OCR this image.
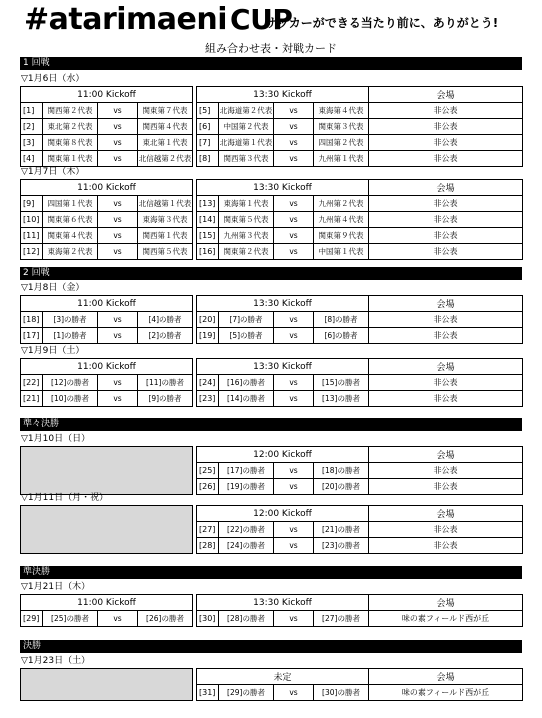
#atarimaeni CUP
サッカーができる当たり前に、ありがとう!
組み合わせ表・対戦カード
1 回戦
▽1月6日（水）
11:00 Kickoff					13:30 Kickoff				会場
[1]	関西第２代表	vs	関東第７代表		[5]	北海道第２代表	vs	東海第４代表	非公表
[2]	東北第２代表	vs	関西第４代表		[6]	中国第２代表	vs	関東第３代表	非公表
[3]	関東第８代表	vs	東北第１代表		[7]	北海道第１代表	vs	四国第２代表	非公表
[4]	関東第１代表	vs	北信越第２代表		[8]	関西第３代表	vs	九州第１代表	非公表
▽1月7日（木）
11:00 Kickoff					13:30 Kickoff				会場
[9]	四国第１代表	vs	北信越第１代表		[13]	東海第１代表	vs	九州第２代表	非公表
[10]	関東第６代表	vs	東海第３代表		[14]	関東第５代表	vs	九州第４代表	非公表
[11]	関東第４代表	vs	関西第１代表		[15]	九州第３代表	vs	関東第９代表	非公表
[12]	東海第２代表	vs	関西第５代表		[16]	関東第２代表	vs	中国第１代表	非公表
2 回戦
▽1月8日（金）
11:00 Kickoff					13:30 Kickoff				会場
[18]	[3]の勝者	vs	[4]の勝者		[20]	[7]の勝者	vs	[8]の勝者	非公表
[17]	[1]の勝者	vs	[2]の勝者		[19]	[5]の勝者	vs	[6]の勝者	非公表
▽1月9日（土）
11:00 Kickoff					13:30 Kickoff				会場
[22]	[12]の勝者	vs	[11]の勝者		[24]	[16]の勝者	vs	[15]の勝者	非公表
[21]	[10]の勝者	vs	[9]の勝者		[23]	[14]の勝者	vs	[13]の勝者	非公表
準々決勝
▽1月10日（日）
		12:00 Kickoff				会場
		[25]	[17]の勝者	vs	[18]の勝者	非公表
		[26]	[19]の勝者	vs	[20]の勝者	非公表
▽1月11日（月・祝）
		12:00 Kickoff				会場
		[27]	[22]の勝者	vs	[21]の勝者	非公表
		[28]	[24]の勝者	vs	[23]の勝者	非公表
準決勝
▽1月21日（木）
11:00 Kickoff					13:30 Kickoff				会場
[29]	[25]の勝者	vs	[26]の勝者		[30]	[28]の勝者	vs	[27]の勝者	味の素フィールド西が丘
決勝
▽1月23日（土）
		未定				会場
		[31]	[29]の勝者	vs	[30]の勝者	味の素フィールド西が丘
